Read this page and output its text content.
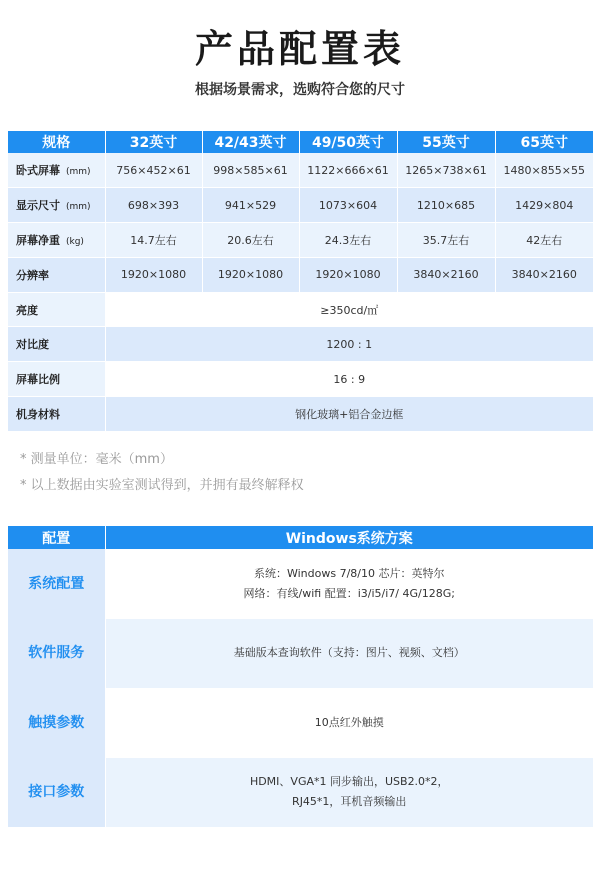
产品配置表
根据场景需求，选购符合您的尺寸
规格	32英寸	42/43英寸	49/50英寸	55英寸	65英寸
卧式屏幕 (mm)	756×452×61	998×585×61	1122×666×61	1265×738×61	1480×855×55
显示尺寸 (mm)	698×393	941×529	1073×604	1210×685	1429×804
屏幕净重 (kg)	14.7左右	20.6左右	24.3左右	35.7左右	42左右
分辨率	1920×1080	1920×1080	1920×1080	3840×2160	3840×2160
亮度	≥350cd/㎡				
对比度	1200 : 1				
屏幕比例	16 : 9				
机身材料	钢化玻璃+铝合金边框				
* 测量单位：毫米（mm）
* 以上数据由实验室测试得到，并拥有最终解释权
配置	Windows系统方案
系统配置	系统：Windows 7/8/10 芯片：英特尔
网络：有线/wifi 配置：i3/i5/i7/ 4G/128G;

软件服务	基础版本查询软件（支持：图片、视频、文档）

触摸参数	10点红外触摸

接口参数	HDMI、VGA*1 同步输出，USB2.0*2，
RJ45*1，耳机音频输出
